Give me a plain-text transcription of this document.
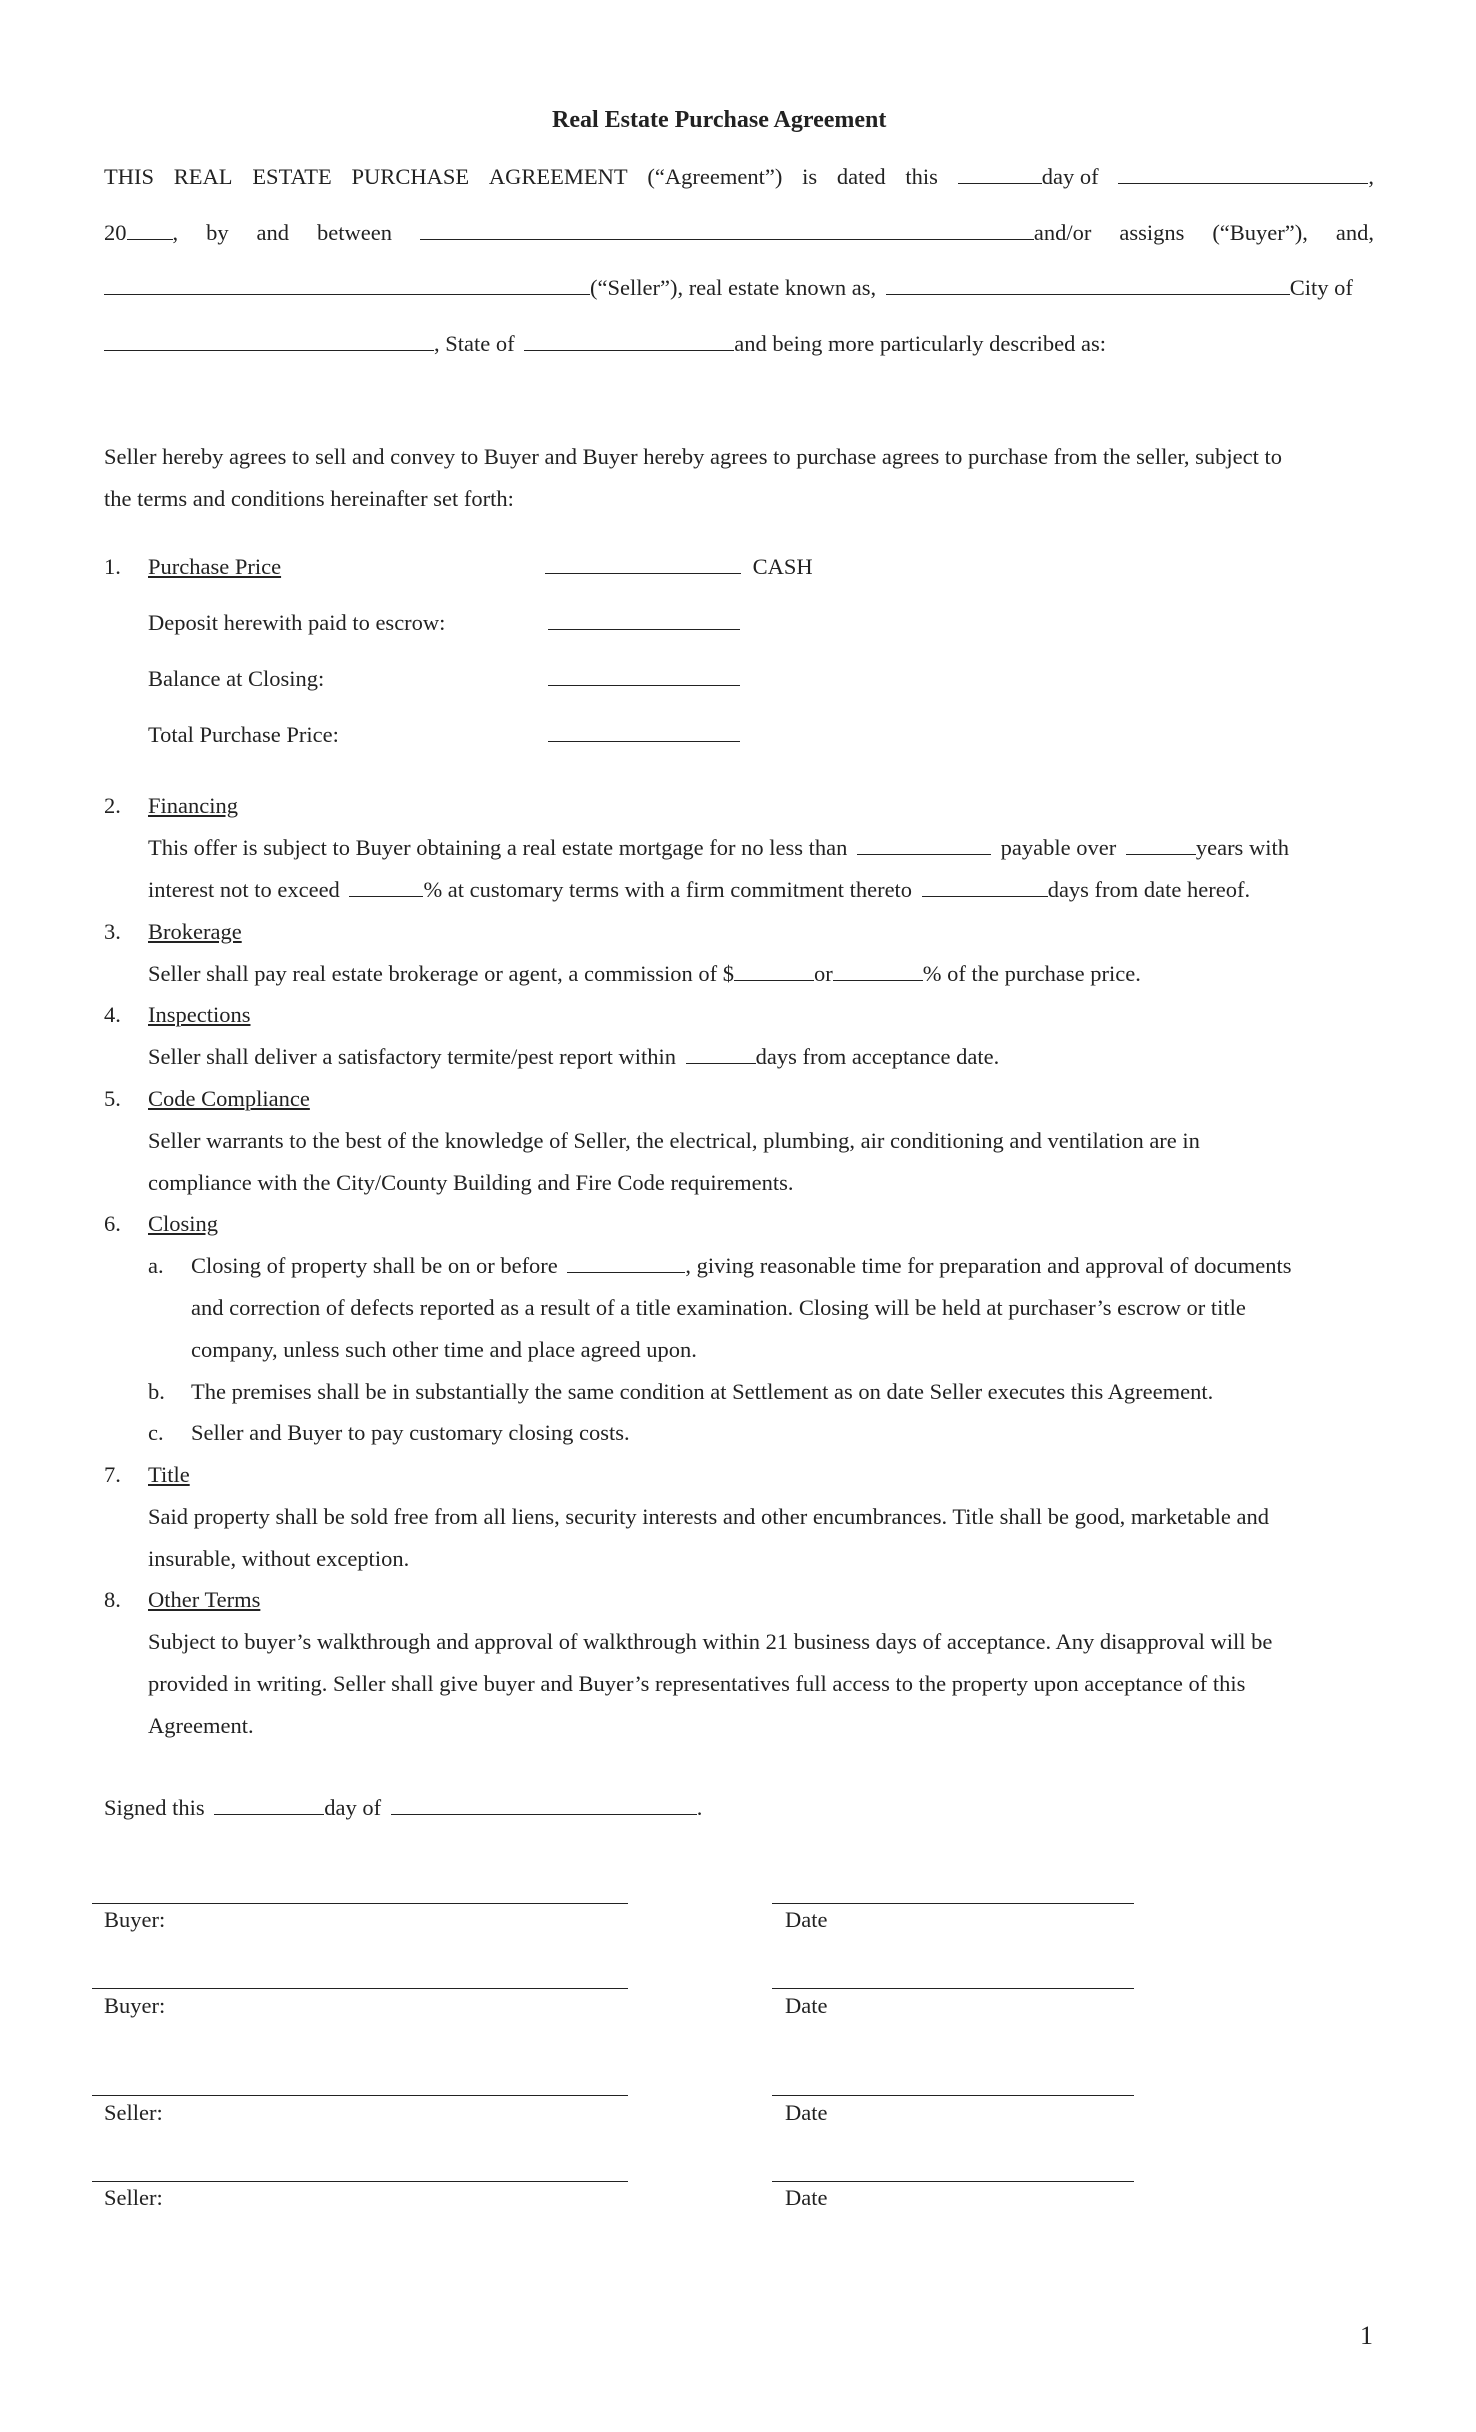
Real Estate Purchase Agreement
THIS REAL ESTATE PURCHASE AGREEMENT (“Agreement”) is dated this	day of	,
20 , by and between	and/or assigns (“Buyer”), and,
(“Seller”), real estate known as,	City of
, State of	and being more particularly described as:
Seller hereby agrees to sell and convey to Buyer and Buyer hereby agrees to purchase agrees to purchase from the seller, subject to
the terms and conditions hereinafter set forth:
1. Purchase Price	CASH
Deposit herewith paid to escrow:
Balance at Closing:
Total Purchase Price:
2. Financing
This offer is subject to Buyer obtaining a real estate mortgage for no less than	payable over	years with
interest not to exceed	% at customary terms with a firm commitment thereto	days from date hereof.
3. Brokerage
Seller shall pay real estate brokerage or agent, a commission of $	or	% of the purchase price.
4. Inspections
Seller shall deliver a satisfactory termite/pest report within	days from acceptance date.
5. Code Compliance
Seller warrants to the best of the knowledge of Seller, the electrical, plumbing, air conditioning and ventilation are in
compliance with the City/County Building and Fire Code requirements.
6. Closing
a. Closing of property shall be on or before	, giving reasonable time for preparation and approval of documents
and correction of defects reported as a result of a title examination. Closing will be held at purchaser’s escrow or title
company, unless such other time and place agreed upon.
b. The premises shall be in substantially the same condition at Settlement as on date Seller executes this Agreement.
c. Seller and Buyer to pay customary closing costs.
7. Title
Said property shall be sold free from all liens, security interests and other encumbrances. Title shall be good, marketable and
insurable, without exception.
8. Other Terms
Subject to buyer’s walkthrough and approval of walkthrough within 21 business days of acceptance. Any disapproval will be
provided in writing. Seller shall give buyer and Buyer’s representatives full access to the property upon acceptance of this
Agreement.
Signed this	day of	.
Buyer:	Date
Buyer:	Date
Seller:	Date
Seller:	Date
1
